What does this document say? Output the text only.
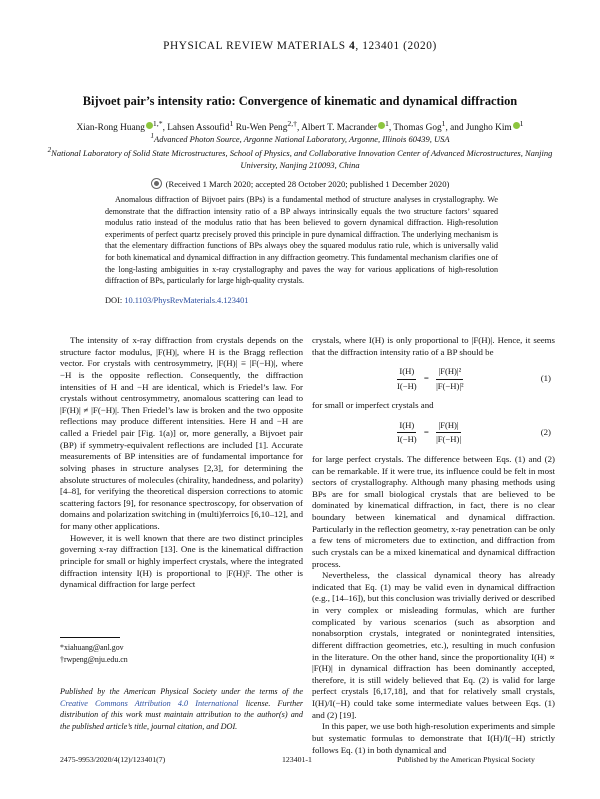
PHYSICAL REVIEW MATERIALS 4, 123401 (2020)
Bijvoet pair’s intensity ratio: Convergence of kinematic and dynamical diffraction
Xian-Rong Huang $^{1,*}$, Lahsen Assoufid$^1$ Ru-Wen Peng$^{2,\dagger}$, Albert T. Macrander $^1$, Thomas Gog$^1$, and Jungho Kim $^1$
$^1$Advanced Photon Source, Argonne National Laboratory, Argonne, Illinois 60439, USA
$^2$National Laboratory of Solid State Microstructures, School of Physics, and Collaborative Innovation Center of Advanced Microstructures, Nanjing University, Nanjing 210093, China
(Received 1 March 2020; accepted 28 October 2020; published 1 December 2020)
Anomalous diffraction of Bijvoet pairs (BPs) is a fundamental method of structure analyses in crystallography. We demonstrate that the diffraction intensity ratio of a BP always intrinsically equals the two structure factors’ squared modulus ratio instead of the modulus ratio that has been believed to govern dynamical diffraction. High-resolution experiments of perfect quartz precisely proved this principle in pure dynamical diffraction. The underlying mechanism is that the elementary diffraction functions of BPs always obey the squared modulus ratio rule, which is universally valid for both kinematical and dynamical diffraction in any diffraction geometry. This fundamental mechanism clarifies one of the long-lasting ambiguities in x-ray crystallography and paves the way for various applications of high-resolution diffraction of BPs, particularly for large high-quality crystals.
DOI: 10.1103/PhysRevMaterials.4.123401

The intensity of x-ray diffraction from crystals depends on the structure factor modulus, |F(H)|, where H is the Bragg reflection vector. For crystals with centrosymmetry, |F(H)| ≡ |F(−H)|, where −H is the opposite reflection. Consequently, the diffraction intensities of H and −H are identical, which is Friedel’s law. For crystals without centrosymmetry, anomalous scattering can lead to |F(H)| ≠ |F(−H)|. Then Friedel’s law is broken and the two opposite reflections may produce different intensities. Here H and −H are called a Friedel pair [Fig. 1(a)] or, more generally, a Bijvoet pair (BP) if symmetry-equivalent reflections are included [1]. Accurate measurements of BP intensities are of fundamental importance for solving phases in structure analyses [2,3], for determining the absolute structures of molecules (chirality, handedness, and polarity) [4–8], for verifying the theoretical dispersion corrections to atomic scattering factors [9], for resonance spectroscopy, for observation of domains and polarization switching in (multi)ferroics [6,10–12], and for many other applications.

However, it is well known that there are two distinct principles governing x-ray diffraction [13]. One is the kinematical diffraction principle for small or highly imperfect crystals, where the integrated diffraction intensity I(H) is proportional to |F(H)|². The other is dynamical diffraction for large perfect

*xiahuang@anl.gov
†rwpeng@nju.edu.cn
Published by the American Physical Society under the terms of the Creative Commons Attribution 4.0 International license. Further distribution of this work must maintain attribution to the author(s) and the published article’s title, journal citation, and DOI.

crystals, where I(H) is only proportional to |F(H)|. Hence, it seems that the diffraction intensity ratio of a BP should be

$\frac{I(H)}{I(-H)} = \frac{\text{|F(H)|²}}{\text{|F(−H)|²}}$	(1)

for small or imperfect crystals and

$\frac{I(H)}{I(-H)} = \frac{|F(H)|}{|F(-H)|}$	(2)

for large perfect crystals. The difference between Eqs. (1) and (2) can be remarkable. If it were true, its influence could be felt in most sectors of crystallography. Although many phasing methods using BPs are for small biological crystals that are believed to be dominated by kinematical diffraction, in fact, there is no clear boundary between kinematical and dynamical diffraction. Particularly in the reflection geometry, x-ray penetration can be only a few tens of micrometers due to extinction, and diffraction from such crystals can be a mixed kinematical and dynamical diffraction process.

Nevertheless, the classical dynamical theory has already indicated that Eq. (1) may be valid even in dynamical diffraction (e.g., [14–16]), but this conclusion was trivially derived or described in very complex or misleading formulas, which are further complicated by various scenarios (such as absorption and nonabsorption crystals, integrated or nonintegrated intensities, different diffraction geometries, etc.), resulting in much confusion in the literature. On the other hand, since the proportionality I(H) ∝ |F(H)| in dynamical diffraction has been dominantly accepted, therefore, it is still widely believed that Eq. (2) is valid for large perfect crystals [6,17,18], and that for relatively small crystals, I(H)/I(−H) could take some intermediate values between Eqs. (1) and (2) [19].

In this paper, we use both high-resolution experiments and simple but systematic formulas to demonstrate that I(H)/I(−H) strictly follows Eq. (1) in both dynamical and

2475-9953/2020/4(12)/123401(7)	123401-1	Published by the American Physical Society
